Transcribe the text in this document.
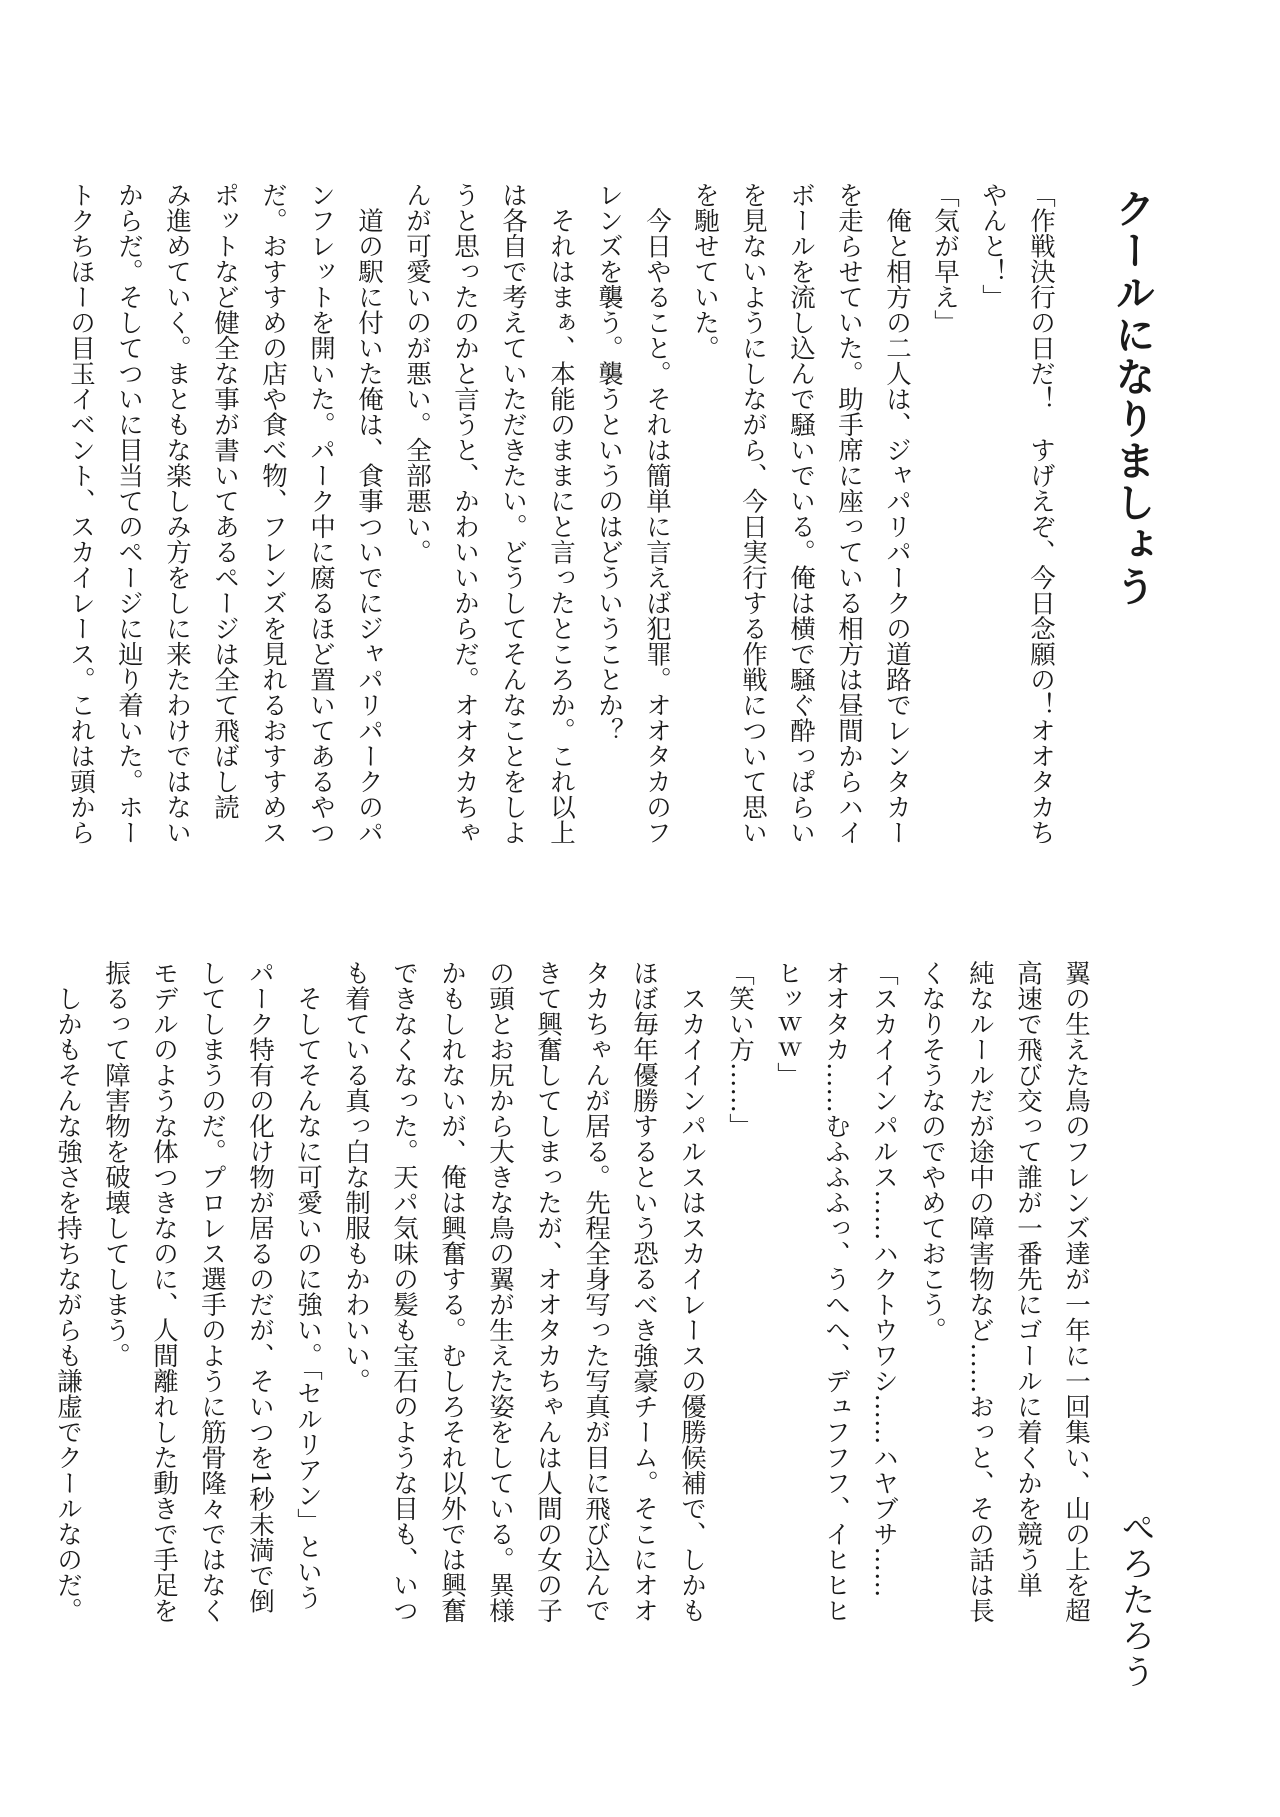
クールになりましょう
ぺろたろう

「作戦決行の日だ！　すげえぞ、今日念願の！オオタカち

やんと！」

「気が早え」

　俺と相方の二人は、ジャパリパークの道路でレンタカー

を走らせていた。助手席に座っている相方は昼間からハイ

ボールを流し込んで騒いでいる。俺は横で騒ぐ酔っぱらい

を見ないようにしながら、今日実行する作戦について思い

を馳せていた。

　今日やること。それは簡単に言えば犯罪。オオタカのフ

レンズを襲う。襲うというのはどういうことか？

　それはまぁ、本能のままにと言ったところか。これ以上

は各自で考えていただきたい。どうしてそんなことをしよ

うと思ったのかと言うと、かわいいからだ。オオタカちゃ

んが可愛いのが悪い。全部悪い。

　道の駅に付いた俺は、食事ついでにジャパリパークのパ

ンフレットを開いた。パーク中に腐るほど置いてあるやつ

だ。おすすめの店や食べ物、フレンズを見れるおすすめス

ポットなど健全な事が書いてあるページは全て飛ばし読

み進めていく。まともな楽しみ方をしに来たわけではない

からだ。そしてついに目当てのページに辿り着いた。ホー

トクちほーの目玉イベント、スカイレース。これは頭から

翼の生えた鳥のフレンズ達が一年に一回集い、山の上を超

高速で飛び交って誰が一番先にゴールに着くかを競う単

純なルールだが途中の障害物など……おっと、その話は長

くなりそうなのでやめておこう。

「スカイインパルス……ハクトウワシ……ハヤブサ……

オオタカ……むふふふっ、うへへ、デュフフフ、イヒヒヒ

ヒッｗｗ」

「笑い方……」

　スカイインパルスはスカイレースの優勝候補で、しかも

ほぼ毎年優勝するという恐るべき強豪チーム。そこにオオ

タカちゃんが居る。先程全身写った写真が目に飛び込んで

きて興奮してしまったが、オオタカちゃんは人間の女の子

の頭とお尻から大きな鳥の翼が生えた姿をしている。異様

かもしれないが、俺は興奮する。むしろそれ以外では興奮

できなくなった。天パ気味の髪も宝石のような目も、いつ

も着ている真っ白な制服もかわいい。

　そしてそんなに可愛いのに強い。「セルリアン」という

パーク特有の化け物が居るのだが、そいつを1秒未満で倒

してしまうのだ。プロレス選手のように筋骨隆々ではなく

モデルのような体つきなのに、人間離れした動きで手足を

振るって障害物を破壊してしまう。

　しかもそんな強さを持ちながらも謙虚でクールなのだ。
